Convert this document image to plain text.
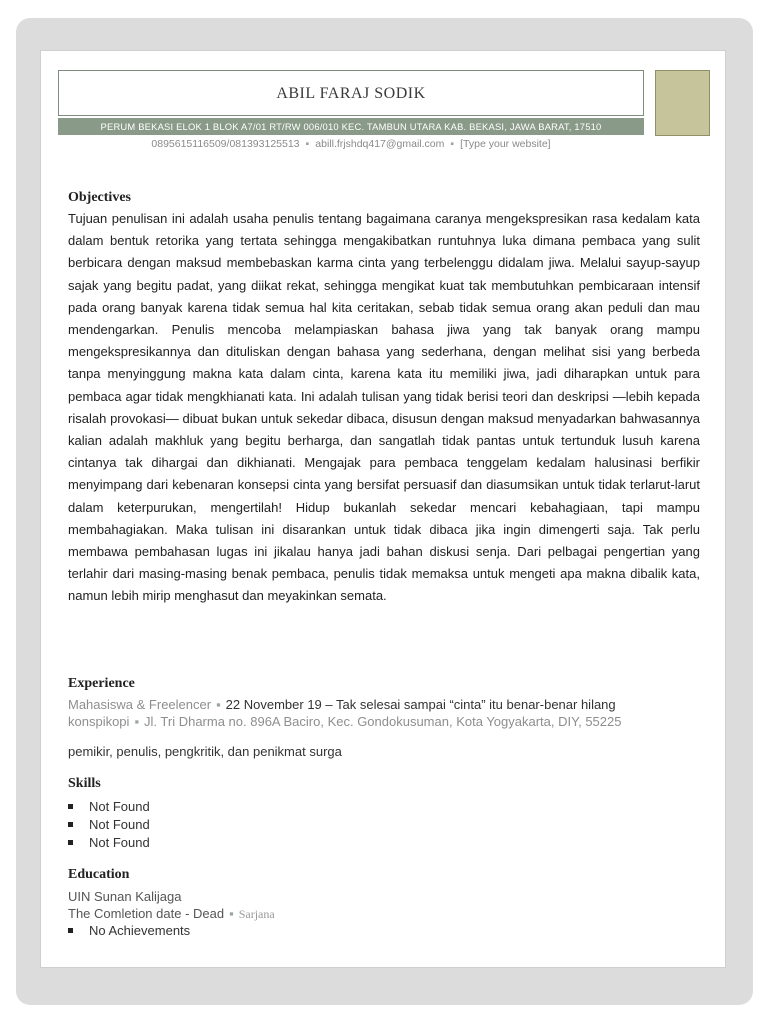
ABIL FARAJ SODIK
PERUM BEKASI ELOK 1 BLOK A7/01 RT/RW 006/010 KEC. TAMBUN UTARA KAB. BEKASI, JAWA BARAT, 17510
089561511650​9/081393125513 ▪ abill.frjshdq417@gmail.com ▪ [Type your website]
Objectives
Tujuan penulisan ini adalah usaha penulis tentang bagaimana caranya mengekspresikan rasa kedalam kata dalam bentuk retorika yang tertata sehingga mengakibatkan runtuhnya luka dimana pembaca yang sulit berbicara dengan maksud membebaskan karma cinta yang terbelenggu didalam jiwa. Melalui sayup-sayup sajak yang begitu padat, yang diikat rekat, sehingga mengikat kuat tak membutuhkan pembicaraan intensif pada orang banyak karena tidak semua hal kita ceritakan, sebab tidak semua orang akan peduli dan mau mendengarkan. Penulis mencoba melampiaskan bahasa jiwa yang tak banyak orang mampu mengekspresikannya dan dituliskan dengan bahasa yang sederhana, dengan melihat sisi yang berbeda tanpa menyinggung makna kata dalam cinta, karena kata itu memiliki jiwa, jadi diharapkan untuk para pembaca agar tidak mengkhianati kata. Ini adalah tulisan yang tidak berisi teori dan deskripsi —lebih kepada risalah provokasi— dibuat bukan untuk sekedar dibaca, disusun dengan maksud menyadarkan bahwasannya kalian adalah makhluk yang begitu berharga, dan sangatlah tidak pantas untuk tertunduk lusuh karena cintanya tak dihargai dan dikhianati. Mengajak para pembaca tenggelam kedalam halusinasi berfikir menyimpang dari kebenaran konsepsi cinta yang bersifat persuasif dan diasumsikan untuk tidak terlarut-larut dalam keterpurukan, mengertilah! Hidup bukanlah sekedar mencari kebahagiaan, tapi mampu membahagiakan. Maka tulisan ini disarankan untuk tidak dibaca jika ingin dimengerti saja. Tak perlu membawa pembahasan lugas ini jikalau hanya jadi bahan diskusi senja. Dari pelbagai pengertian yang terlahir dari masing-masing benak pembaca, penulis tidak memaksa untuk mengeti apa makna dibalik kata, namun lebih mirip menghasut dan meyakinkan semata.
Experience
Mahasiswa & Freelencer ▪ 22 November 19 – Tak selesai sampai “cinta” itu benar-benar hilang
konspikopi ▪ Jl. Tri Dharma no. 896A Baciro, Kec. Gondokusuman, Kota Yogyakarta, DIY, 55225
pemikir, penulis, pengkritik, dan penikmat surga
Skills
Not Found
Not Found
Not Found
Education
UIN Sunan Kalijaga
The Comletion date - Dead ▪ Sarjana
No Achievements
